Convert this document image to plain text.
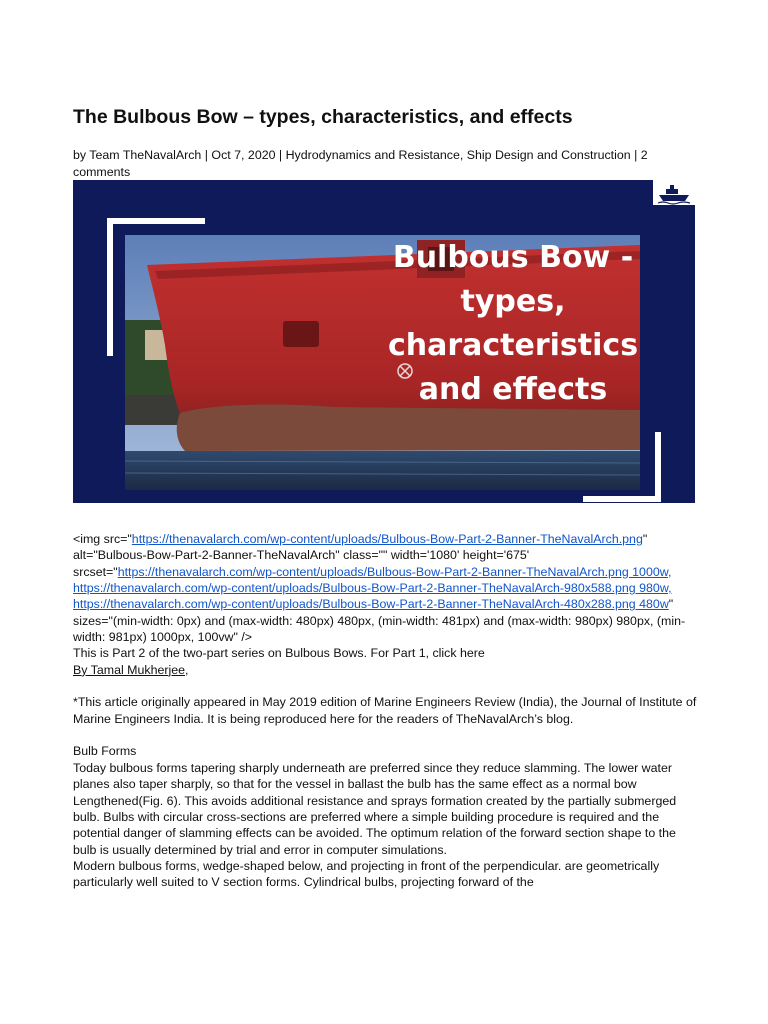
The Bulbous Bow – types, characteristics, and effects

by Team TheNavalArch | Oct 7, 2020 | Hydrodynamics and Resistance, Ship Design and Construction | 2 comments

Bulbous Bow - types, characteristics and effects

<img src="https://thenavalarch.com/wp-content/uploads/Bulbous-Bow-Part-2-Banner-TheNavalArch.png" alt="Bulbous-Bow-Part-2-Banner-TheNavalArch" class="" width='1080' height='675' srcset="https://thenavalarch.com/wp-content/uploads/Bulbous-Bow-Part-2-Banner-TheNavalArch.png 1000w, https://thenavalarch.com/wp-content/uploads/Bulbous-Bow-Part-2-Banner-TheNavalArch-980x588.png 980w, https://thenavalarch.com/wp-content/uploads/Bulbous-Bow-Part-2-Banner-TheNavalArch-480x288.png 480w" sizes="(min-width: 0px) and (max-width: 480px) 480px, (min-width: 481px) and (max-width: 980px) 980px, (min-width: 981px) 1000px, 100vw" />

This is Part 2 of the two-part series on Bulbous Bows. For Part 1, click here

By Tamal Mukherjee,

*This article originally appeared in May 2019 edition of Marine Engineers Review (India), the Journal of Institute of Marine Engineers India. It is being reproduced here for the readers of TheNavalArch’s blog.

Bulb Forms

Today bulbous forms tapering sharply underneath are preferred since they reduce slamming. The lower water planes also taper sharply, so that for the vessel in ballast the bulb has the same effect as a normal bow Lengthened(Fig. 6). This avoids additional resistance and sprays formation created by the partially submerged bulb. Bulbs with circular cross-sections are preferred where a simple building procedure is required and the potential danger of slamming effects can be avoided. The optimum relation of the forward section shape to the bulb is usually determined by trial and error in computer simulations.

Modern bulbous forms, wedge-shaped below, and projecting in front of the perpendicular. are geometrically particularly well suited to V section forms. Cylindrical bulbs, projecting forward of the
